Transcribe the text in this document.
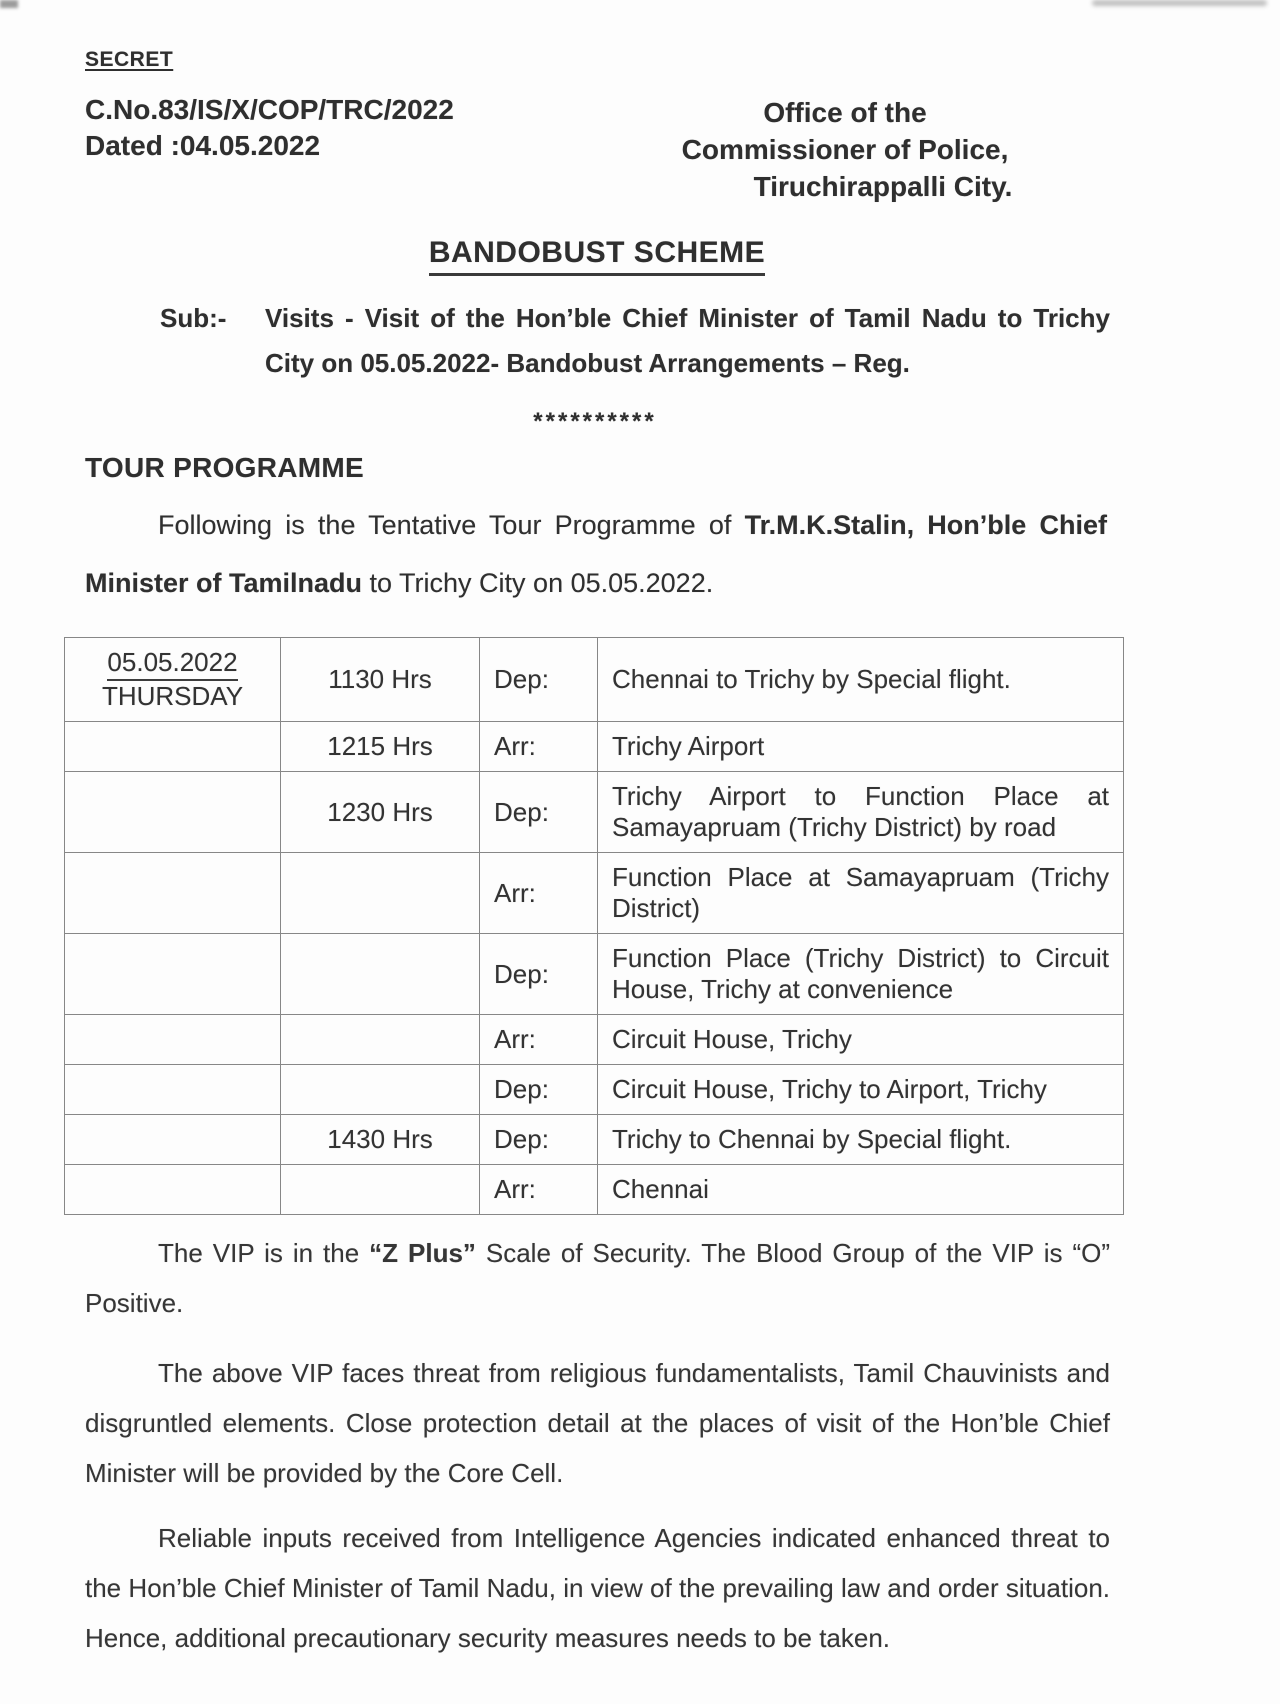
SECRET
C.No.83/IS/X/COP/TRC/2022
Dated :04.05.2022
Office of the
Commissioner of Police,
Tiruchirappalli City.
BANDOBUST SCHEME
Sub:-	Visits - Visit of the Hon’ble Chief Minister of Tamil Nadu to Trichy City on 05.05.2022- Bandobust Arrangements – Reg.
**********
TOUR PROGRAMME
Following is the Tentative Tour Programme of Tr.M.K.Stalin, Hon’ble Chief Minister of Tamilnadu to Trichy City on 05.05.2022.
05.05.2022
THURSDAY	1130 Hrs	Dep:	Chennai to Trichy by Special flight.
	1215 Hrs	Arr:	Trichy Airport
	1230 Hrs	Dep:	Trichy Airport to Function Place at Samayapruam (Trichy District) by road
		Arr:	Function Place at Samayapruam (Trichy District)
		Dep:	Function Place (Trichy District) to Circuit House, Trichy at convenience
		Arr:	Circuit House, Trichy
		Dep:	Circuit House, Trichy to Airport, Trichy
	1430 Hrs	Dep:	Trichy to Chennai by Special flight.
		Arr:	Chennai
The VIP is in the “Z Plus” Scale of Security. The Blood Group of the VIP is “O” Positive.
The above VIP faces threat from religious fundamentalists, Tamil Chauvinists and disgruntled elements. Close protection detail at the places of visit of the Hon’ble Chief Minister will be provided by the Core Cell.
Reliable inputs received from Intelligence Agencies indicated enhanced threat to the Hon’ble Chief Minister of Tamil Nadu, in view of the prevailing law and order situation. Hence, additional precautionary security measures needs to be taken.
